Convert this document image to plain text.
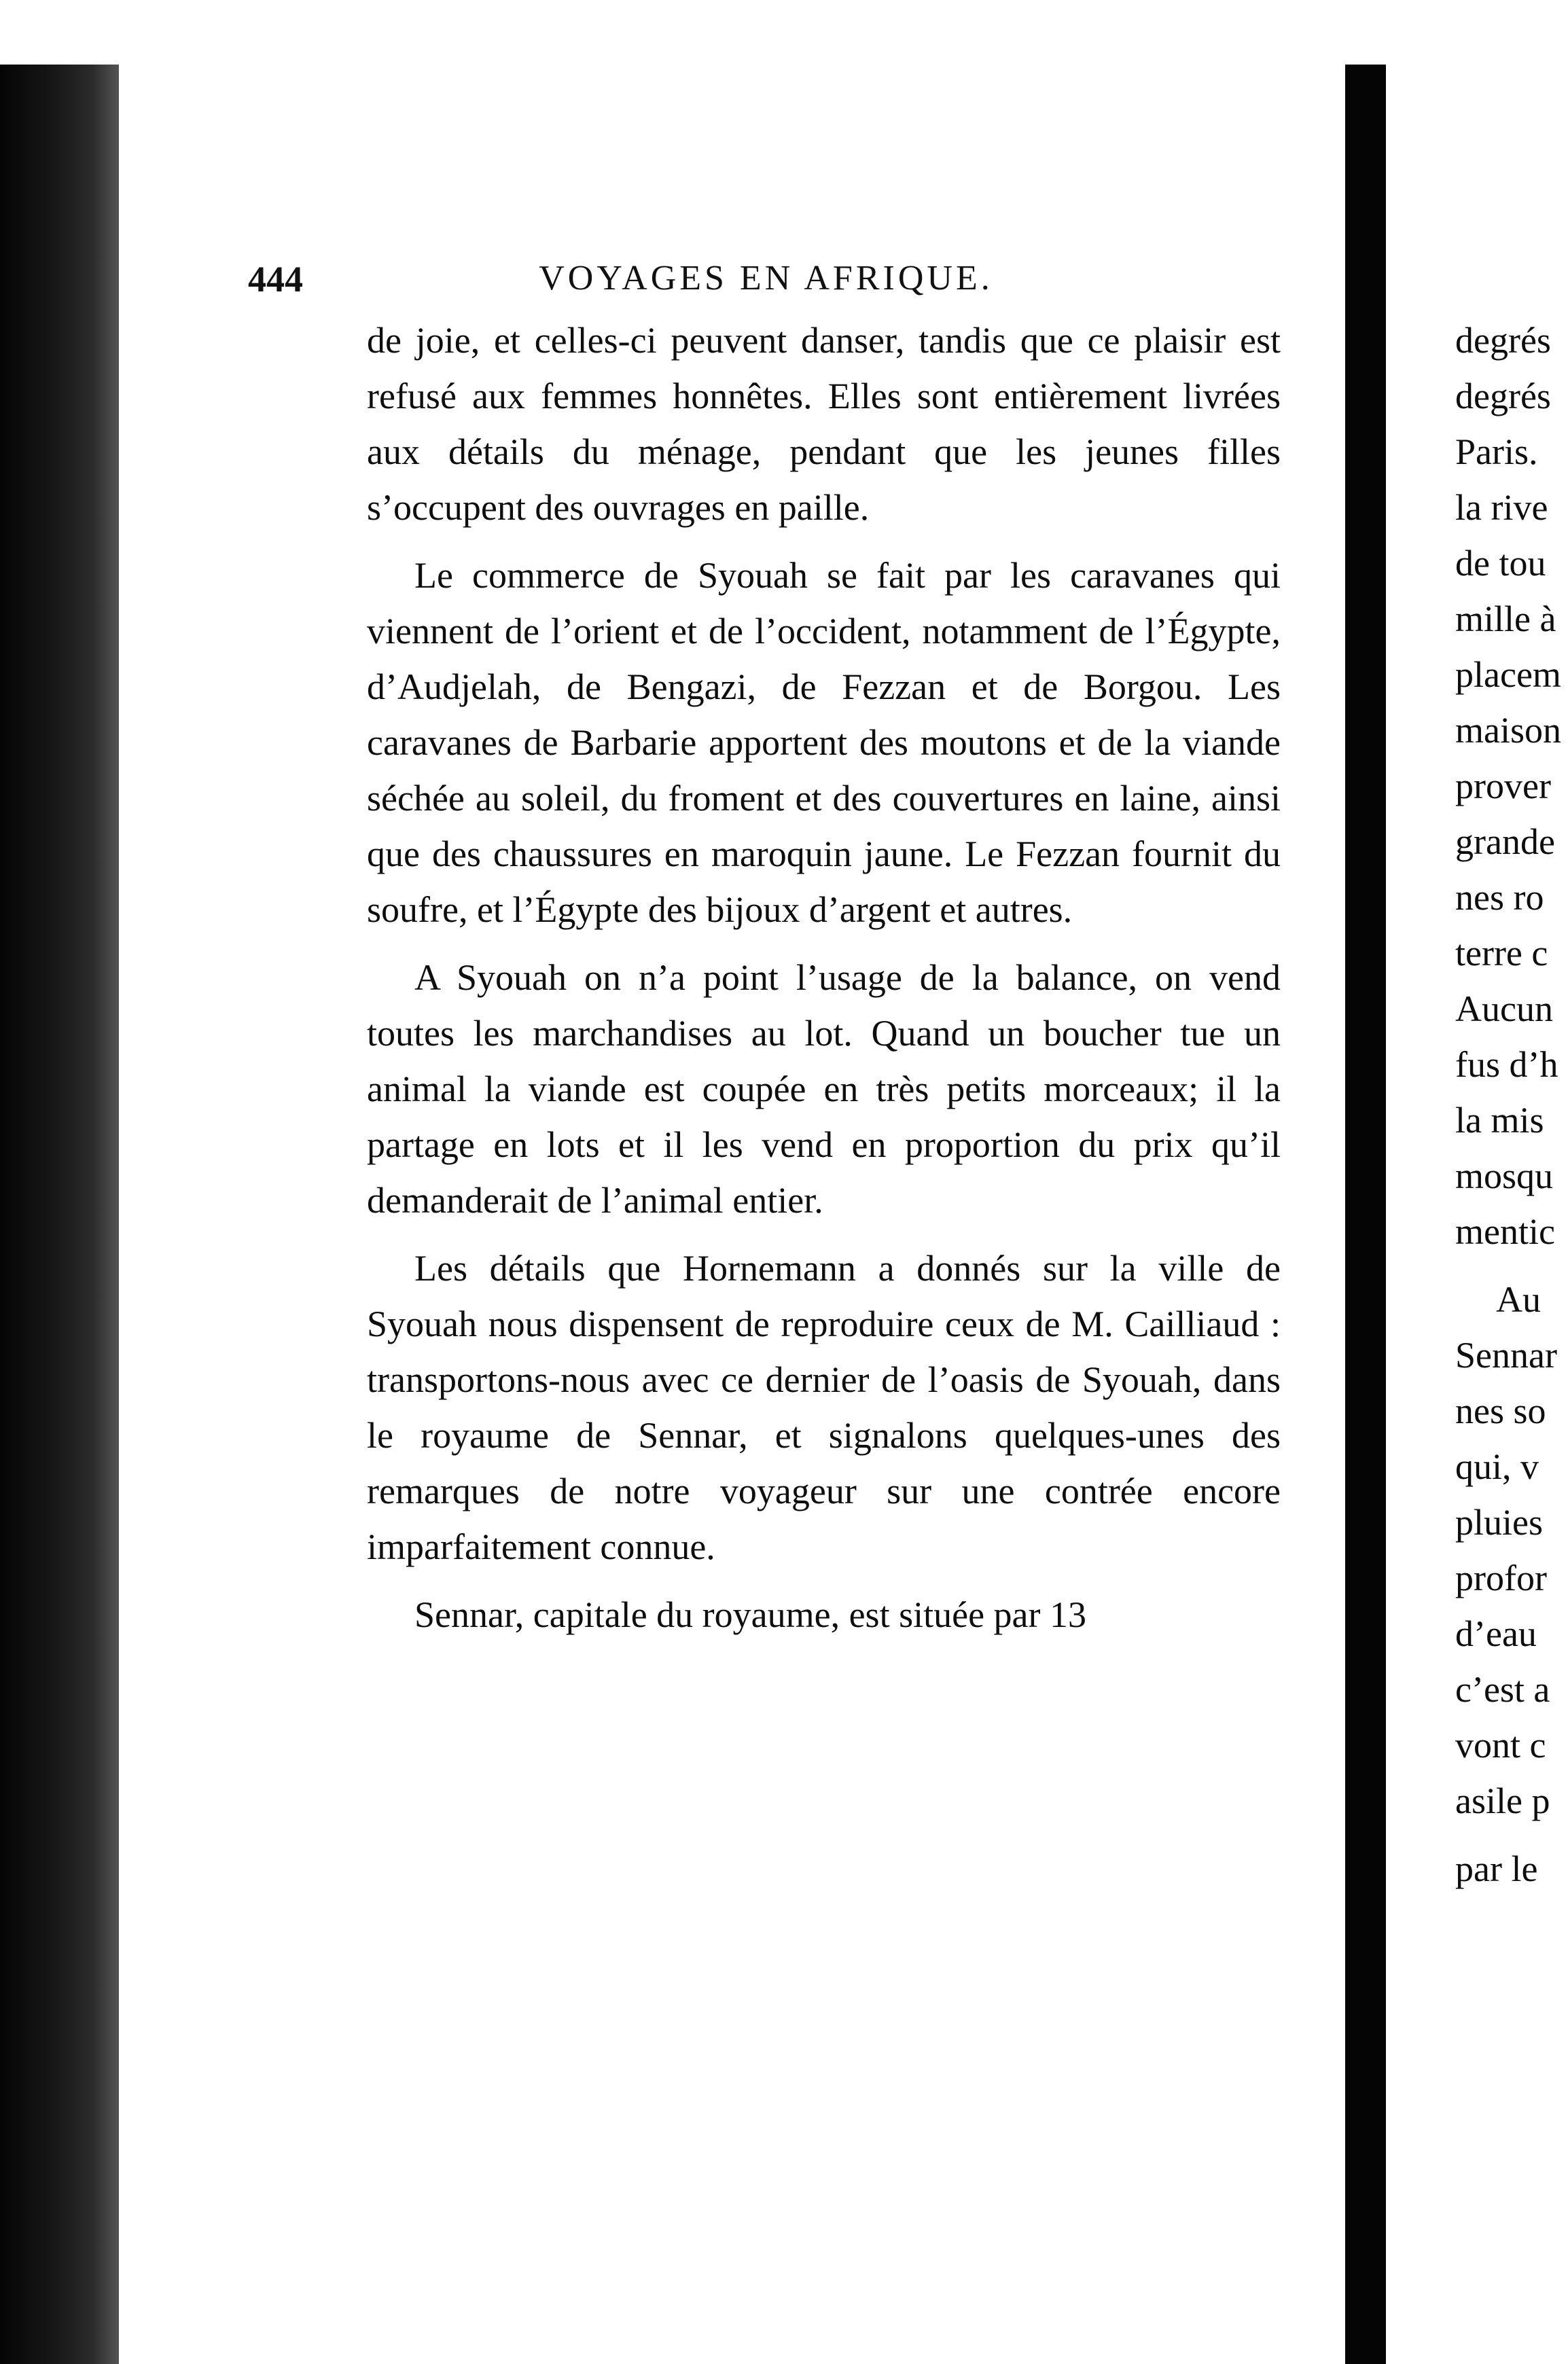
444	VOYAGES EN AFRIQUE.

de joie, et celles-ci peuvent danser, tandis que ce plaisir est refusé aux femmes honnêtes. Elles sont entièrement livrées aux détails du ménage, pendant que les jeunes filles s’occupent des ouvrages en paille.

Le commerce de Syouah se fait par les caravanes qui viennent de l’orient et de l’occident, notamment de l’Égypte, d’Audjelah, de Bengazi, de Fezzan et de Borgou. Les caravanes de Barbarie apportent des moutons et de la viande séchée au soleil, du froment et des couvertures en laine, ainsi que des chaussures en maroquin jaune. Le Fezzan fournit du soufre, et l’Égypte des bijoux d’argent et autres.

A Syouah on n’a point l’usage de la balance, on vend toutes les marchandises au lot. Quand un boucher tue un animal la viande est coupée en très petits morceaux; il la partage en lots et il les vend en proportion du prix qu’il demanderait de l’animal entier.

Les détails que Hornemann a donnés sur la ville de Syouah nous dispensent de reproduire ceux de M. Cailliaud : transportons-nous avec ce dernier de l’oasis de Syouah, dans le royaume de Sennar, et signalons quelques-unes des remarques de notre voyageur sur une contrée encore imparfaitement connue.

Sennar, capitale du royaume, est située par 13

degrés
degrés
Paris.
la rive
de tou
mille à
placem
maison
prover
grande
nes ro
terre c
Aucun
fus d’h
la mis
mosqu
mentic
Au
Sennar
nes so
qui, v
pluies
profor
d’eau
c’est a
vont c
asile p
par le
